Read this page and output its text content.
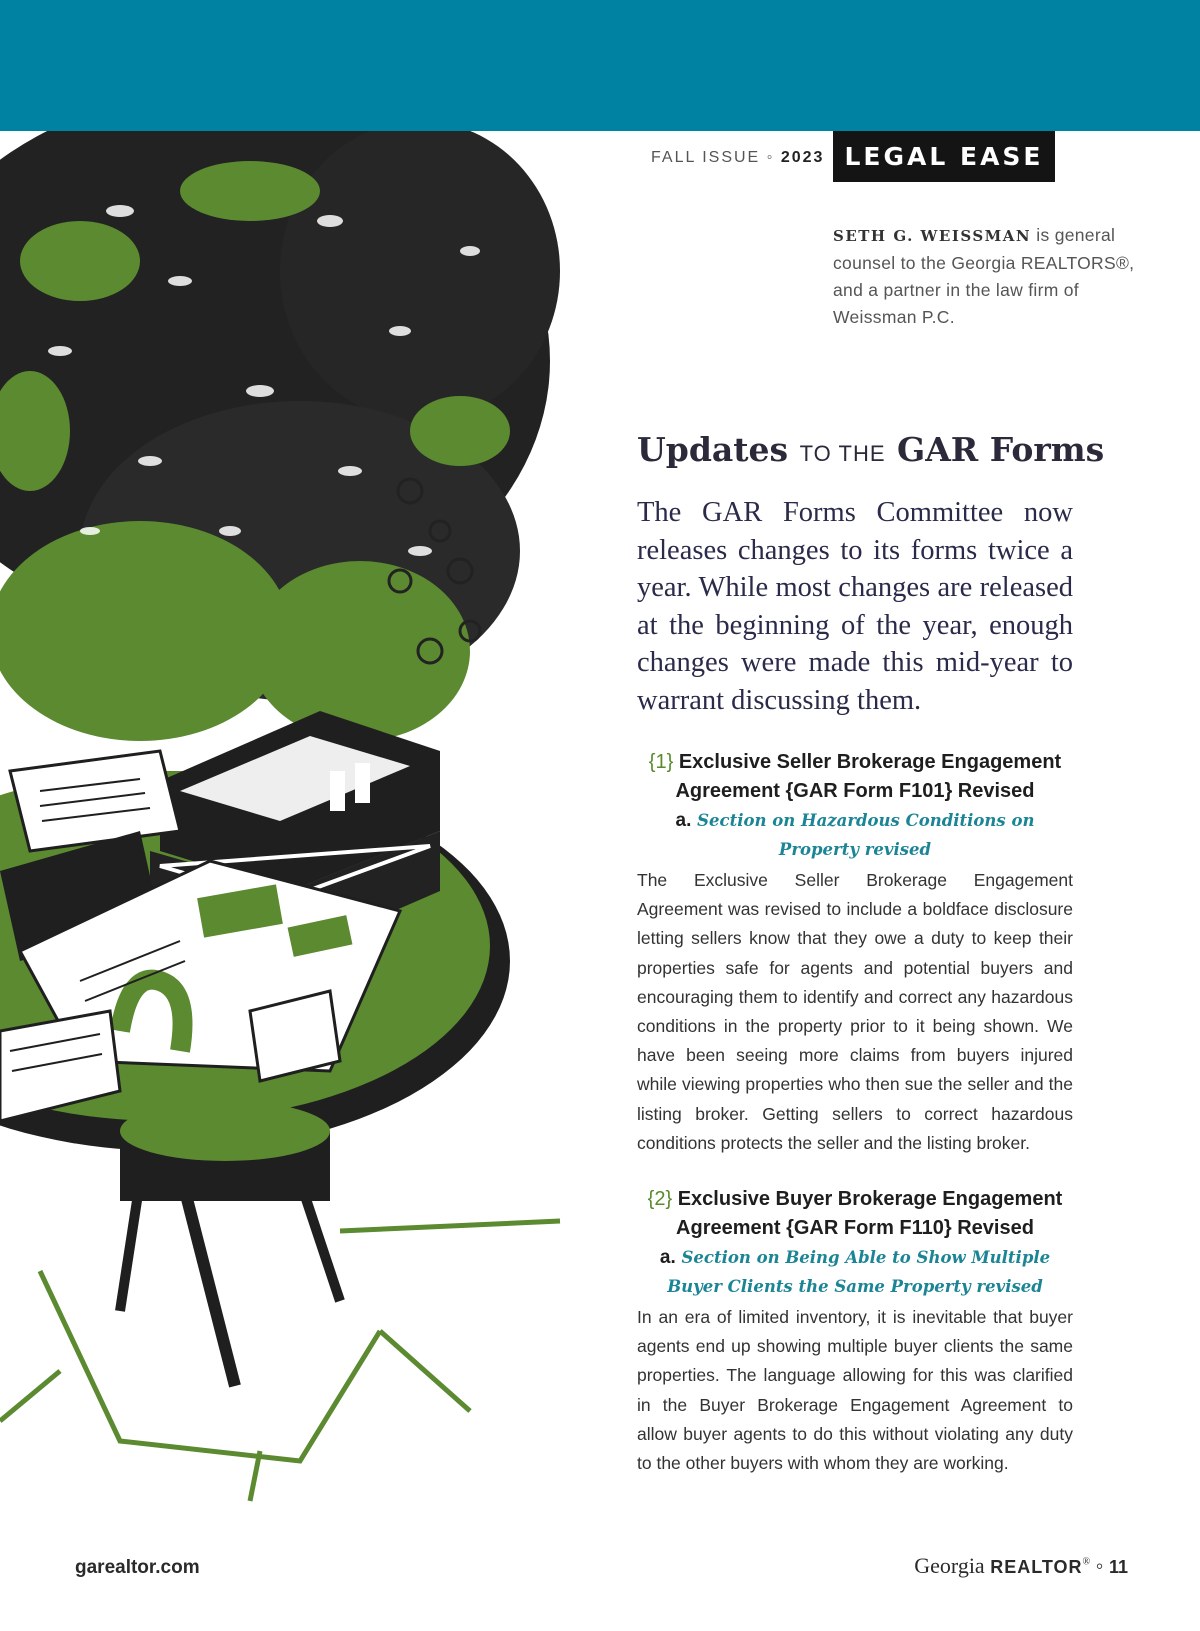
FALL ISSUE ◦ 2023 LEGAL EASE
SETH G. WEISSMAN is general counsel to the Georgia REALTORS®, and a partner in the law firm of Weissman P.C.
Updates TO THE GAR Forms
The GAR Forms Committee now releases changes to its forms twice a year. While most changes are released at the beginning of the year, enough changes were made this mid-year to warrant discussing them.
{1} Exclusive Seller Brokerage Engagement Agreement {GAR Form F101} Revised
a. Section on Hazardous Conditions on Property revised
The Exclusive Seller Brokerage Engagement Agreement was revised to include a boldface disclosure letting sellers know that they owe a duty to keep their properties safe for agents and potential buyers and encouraging them to identify and correct any hazardous conditions in the property prior to it being shown. We have been seeing more claims from buyers injured while viewing properties who then sue the seller and the listing broker. Getting sellers to correct hazardous conditions protects the seller and the listing broker.
{2} Exclusive Buyer Brokerage Engagement Agreement {GAR Form F110} Revised
a. Section on Being Able to Show Multiple Buyer Clients the Same Property revised
In an era of limited inventory, it is inevitable that buyer agents end up showing multiple buyer clients the same properties. The language allowing for this was clarified in the Buyer Brokerage Engagement Agreement to allow buyer agents to do this without violating any duty to the other buyers with whom they are working.
garealtor.com	Georgia REALTOR® ◦ 11
